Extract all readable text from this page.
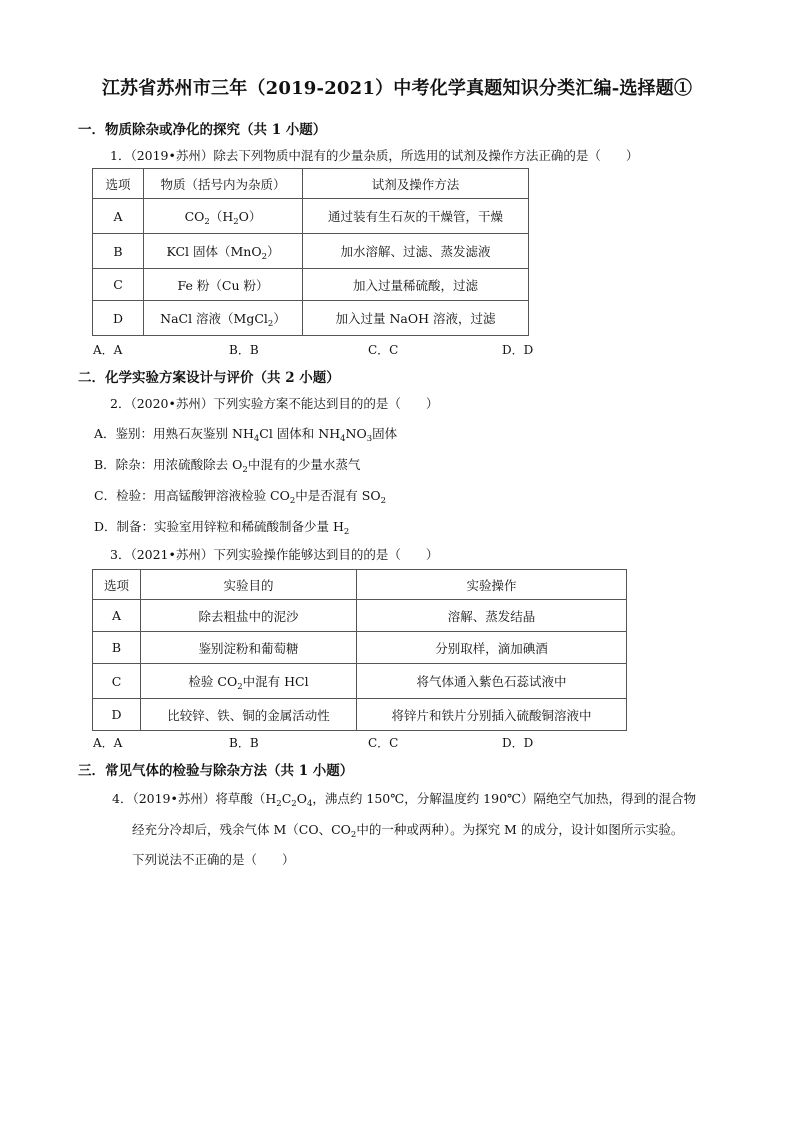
江苏省苏州市三年（2019-2021）中考化学真题知识分类汇编-选择题①
一．物质除杂或净化的探究（共 1 小题）
1．（2019•苏州）除去下列物质中混有的少量杂质，所选用的试剂及操作方法正确的是（　　）
选项	物质（括号内为杂质）	试剂及操作方法
A	$CO_2(H_2O)$	通过装有生石灰的干燥管，干燥
B	KCl 固体（MnO$_2$）	加水溶解、过滤、蒸发滤液
C	Fe 粉（Cu 粉）	加入过量稀硫酸，过滤
D	NaCl 溶液（MgCl$_2$）	加入过量 NaOH 溶液，过滤
A．A	B．B	C．C	D．D
二．化学实验方案设计与评价（共 2 小题）
2．（2020•苏州）下列实验方案不能达到目的的是（　　）
A．鉴别：用熟石灰鉴别 $NH_4Cl$ 固体和 $NH_4NO_3$固体
B．除杂：用浓硫酸除去 $O_2$中混有的少量水蒸气
C．检验：用高锰酸钾溶液检验 $CO_2$中是否混有 $SO_2$
D．制备：实验室用锌粒和稀硫酸制备少量 $H_2$
3．（2021•苏州）下列实验操作能够达到目的的是（　　）
选项	实验目的	实验操作
A	除去粗盐中的泥沙	溶解、蒸发结晶
B	鉴别淀粉和葡萄糖	分别取样，滴加碘酒
C	检验 $CO_2$中混有 HCl	将气体通入紫色石蕊试液中
D	比较锌、铁、铜的金属活动性	将锌片和铁片分别插入硫酸铜溶液中
A．A	B．B	C．C	D．D
三．常见气体的检验与除杂方法（共 1 小题）
4．（2019•苏州）将草酸（$H_2C_2O_4$，沸点约 150℃，分解温度约 190℃）隔绝空气加热，得到的混合物
经充分冷却后，残余气体 M（CO、$CO_2$中的一种或两种）。为探究 M 的成分，设计如图所示实验。
下列说法不正确的是（　　）
